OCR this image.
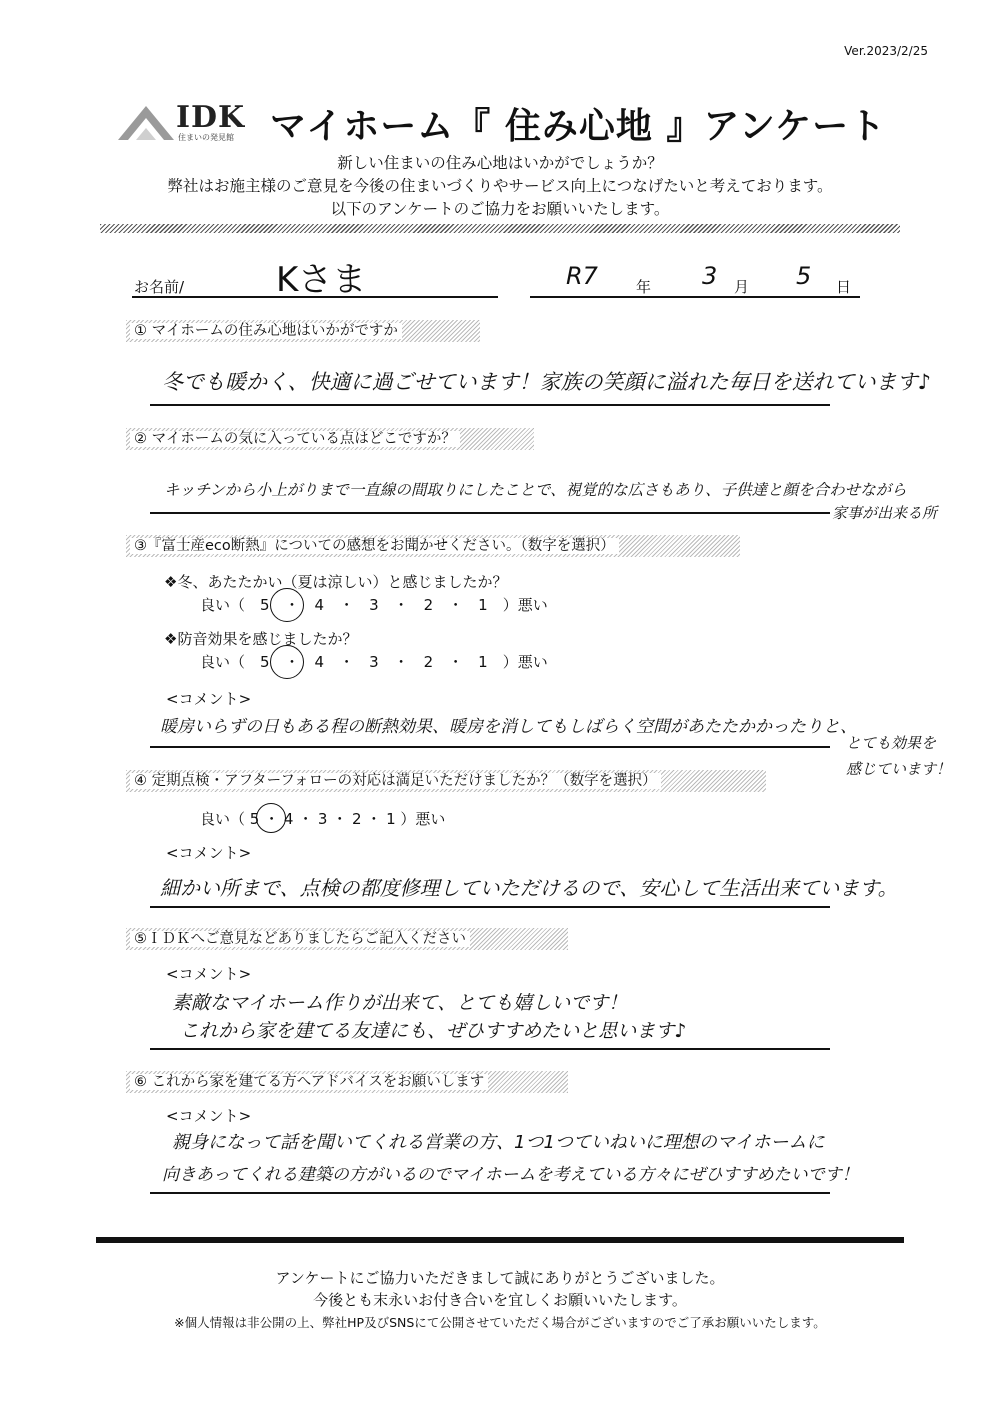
Ver.2023/2/25
IDK
住まいの発見館 マイホーム『 住み心地 』アンケート
新しい住まいの住み心地はいかがでしょうか？
弊社はお施主様のご意見を今後の住まいづくりやサービス向上につなげたいと考えております。
以下のアンケートのご協力をお願いいたします。
お名前/	Kさま	R7	年 3 月 5 日
① マイホームの住み心地はいかがですか
冬でも暖かく、快適に過ごせています！家族の笑顔に溢れた毎日を送れています♪
② マイホームの気に入っている点はどこですか？
キッチンから小上がりまで一直線の間取りにしたことで、視覚的な広さもあり、子供達と顔を合わせながら
家事が出来る所
③『富士産eco断熱』についての感想をお聞かせください。（数字を選択）
❖冬、あたたかい（夏は涼しい）と感じましたか？
良い（　5　・　4　・　3　・　2　・　1　）悪い
❖防音効果を感じましたか？
良い（　5　・　4　・　3　・　2　・　1　）悪い
<コメント>
暖房いらずの日もある程の断熱効果、暖房を消してもしばらく空間があたたかかったりと、
とても効果を
感じています！
④ 定期点検・アフターフォローの対応は満足いただけましたか？（数字を選択）
良い（ 5 ・ 4 ・ 3 ・ 2 ・ 1 ）悪い
<コメント>
細かい所まで、点検の都度修理していただけるので、安心して生活出来ています。
⑤ＩＤＫへご意見などありましたらご記入ください
<コメント>
素敵なマイホーム作りが出来て、とても嬉しいです！
これから家を建てる友達にも、ぜひすすめたいと思います♪
⑥ これから家を建てる方へアドバイスをお願いします
<コメント>
親身になって話を聞いてくれる営業の方、1つ1つていねいに理想のマイホームに
向きあってくれる建築の方がいるのでマイホームを考えている方々にぜひすすめたいです！
アンケートにご協力いただきまして誠にありがとうございました。
今後とも末永いお付き合いを宜しくお願いいたします。
※個人情報は非公開の上、弊社HP及びSNSにて公開させていただく場合がございますのでご了承お願いいたします。
